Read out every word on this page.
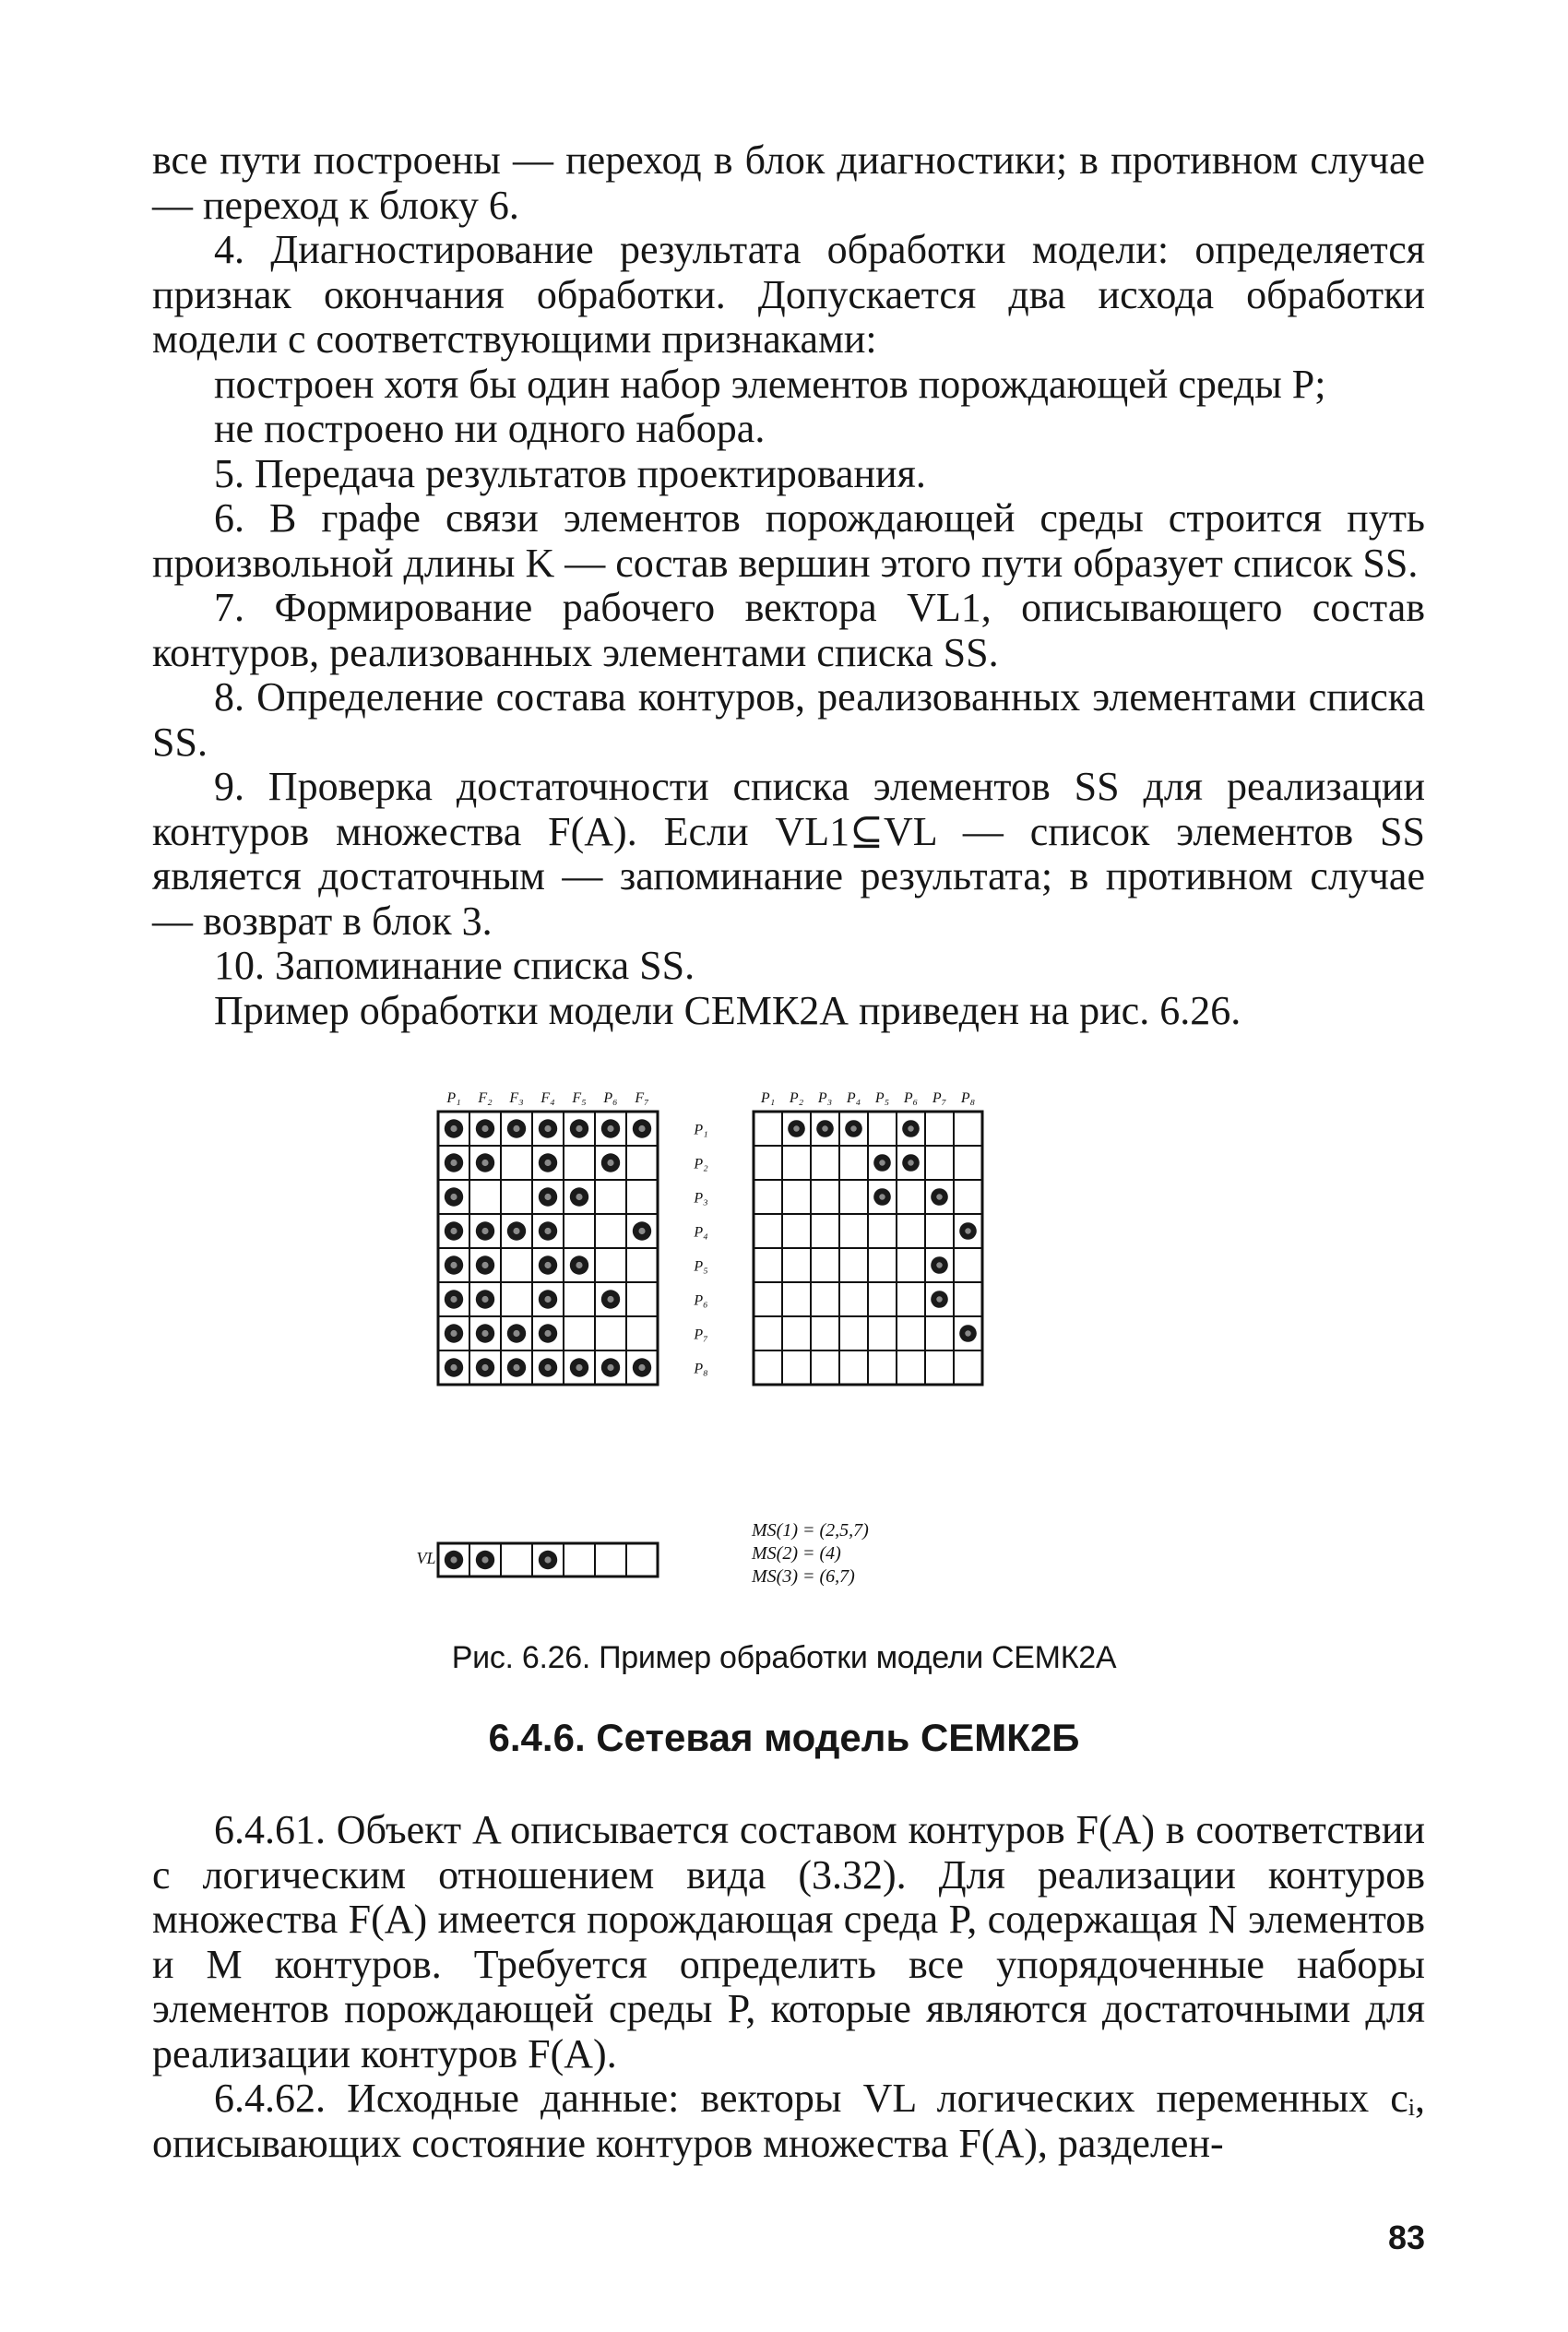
все пути построены — переход в блок диагностики; в противном случае — переход к блоку 6.

4. Диагностирование результата обработки модели: определяется признак окончания обработки. Допускается два исхода обработки модели с соответствующими признаками:

построен хотя бы один набор элементов порождающей среды P;

не построено ни одного набора.

5. Передача результатов проектирования.

6. В графе связи элементов порождающей среды строится путь произвольной длины K — состав вершин этого пути образует список SS.

7. Формирование рабочего вектора VL1, описывающего состав контуров, реализованных элементами списка SS.

8. Определение состава контуров, реализованных элементами списка SS.

9. Проверка достаточности списка элементов SS для реализации контуров множества F(A). Если VL1⊆VL — список элементов SS является достаточным — запоминание результата; в противном случае — возврат в блок 3.

10. Запоминание списка SS.

Пример обработки модели СЕМК2А приведен на рис. 6.26.

P₁ F₂ F₃ F₄ F₅ P₆ F₇
P₁
P₂
P₃
P₄
P₅
P₆
P₇
P₈
P₁ P₂ P₃ P₄ P₅ P₆ P₇ P₈
VL
MS(1) = (2,5,7)
MS(2) = (4)
MS(3) = (6,7)
Рис. 6.26. Пример обработки модели СЕМК2А
6.4.6. Сетевая модель СЕМК2Б

6.4.61. Объект A описывается составом контуров F(A) в соответствии с логическим отношением вида (3.32). Для реализации контуров множества F(A) имеется порождающая среда P, содержащая N элементов и M контуров. Требуется определить все упорядоченные наборы элементов порождающей среды P, которые являются достаточными для реализации контуров F(A).

6.4.62. Исходные данные: векторы VL логических переменных cᵢ, описывающих состояние контуров множества F(A), разделен-

83
